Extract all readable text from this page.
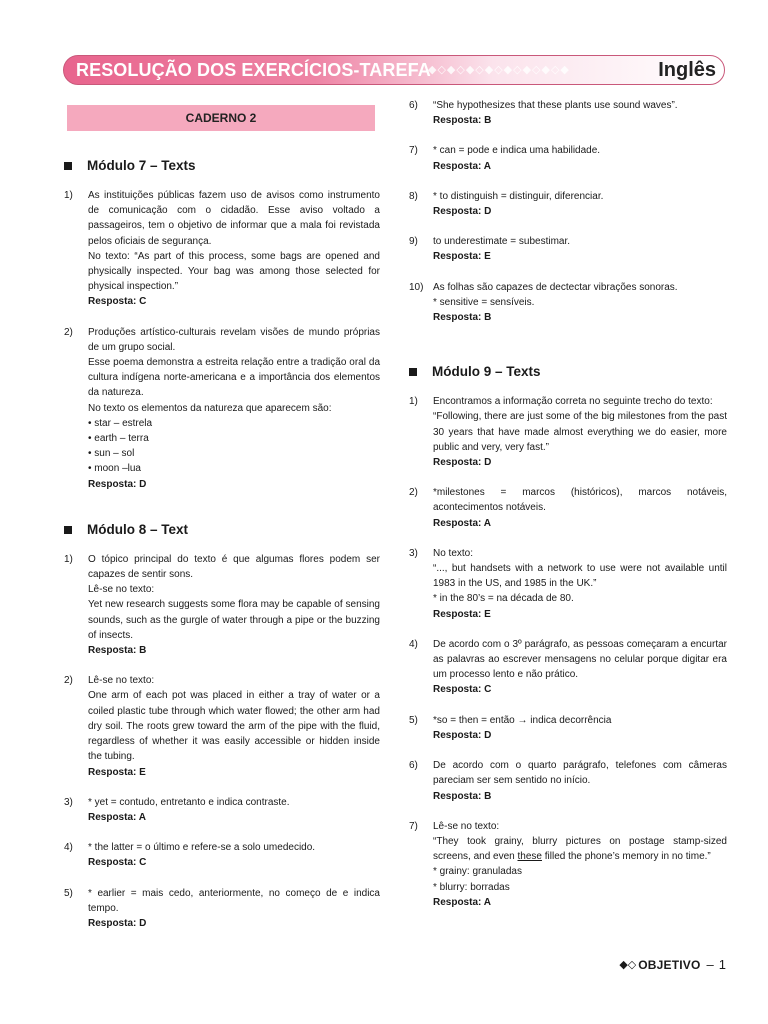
RESOLUÇÃO DOS EXERCÍCIOS-TAREFA
◆◇◆◇◆◇◆◇◆◇◆◇◆◇◆	Inglês
CADERNO 2
Módulo 7 – Texts
1)	As instituições públicas fazem uso de avisos como instrumento de comunicação com o cidadão. Esse aviso voltado a passageiros, tem o objetivo de informar que a mala foi revistada pelos oficiais de segurança.
No texto: “As part of this process, some bags are opened and physically inspected. Your bag was among those selected for physical inspection.”
Resposta: C
2)	Produções artístico-culturais revelam visões de mundo próprias de um grupo social.
Esse poema demonstra a estreita relação entre a tradição oral da cultura indígena norte-americana e a importância dos elementos da natureza.
No texto os elementos da natureza que aparecem são:
• star – estrela
• earth – terra
• sun – sol
• moon –lua
Resposta: D
Módulo 8 – Text
1)	O tópico principal do texto é que algumas flores podem ser capazes de sentir sons.
Lê-se no texto:
Yet new research suggests some flora may be capable of sensing sounds, such as the gurgle of water through a pipe or the buzzing of insects.
Resposta: B
2)	Lê-se no texto:
One arm of each pot was placed in either a tray of water or a coiled plastic tube through which water flowed; the other arm had dry soil. The roots grew toward the arm of the pipe with the fluid, regardless of whether it was easily accessible or hidden inside the tubing.
Resposta: E
3)	* yet = contudo, entretanto e indica contraste.
Resposta: A
4)	* the latter = o último e refere-se a solo umedecido.
Resposta: C
5)	* earlier = mais cedo, anteriormente, no começo de e indica tempo.
Resposta: D
6)	“She hypothesizes that these plants use sound waves”.
Resposta: B
7)	* can = pode e indica uma habilidade.
Resposta: A
8)	* to distinguish = distinguir, diferenciar.
Resposta: D
9)	to underestimate = subestimar.
Resposta: E
10) As folhas são capazes de dectectar vibrações sonoras.
* sensitive = sensíveis.
Resposta: B
Módulo 9 – Texts
1)	Encontramos a informação correta no seguinte trecho do texto:
“Following, there are just some of the big milestones from the past 30 years that have made almost everything we do easier, more public and very, very fast.”
Resposta: D
2)	*milestones = marcos (históricos), marcos notáveis, acontecimentos notáveis.
Resposta: A
3)	No texto:
“..., but handsets with a network to use were not available until 1983 in the US, and 1985 in the UK.”
* in the 80’s = na década de 80.
Resposta: E
4)	De acordo com o 3º parágrafo, as pessoas começaram a encurtar as palavras ao escrever mensagens no celular porque digitar era um processo lento e não prático.
Resposta: C
5)	*so = then = então → indica decorrência
Resposta: D
6)	De acordo com o quarto parágrafo, telefones com câmeras pareciam ser sem sentido no início.
Resposta: B
7)	Lê-se no texto:
“They took grainy, blurry pictures on postage stamp-sized screens, and even these filled the phone’s memory in no time.”
* grainy: granuladas
* blurry: borradas
Resposta: A
◆◇ OBJETIVO – 1
